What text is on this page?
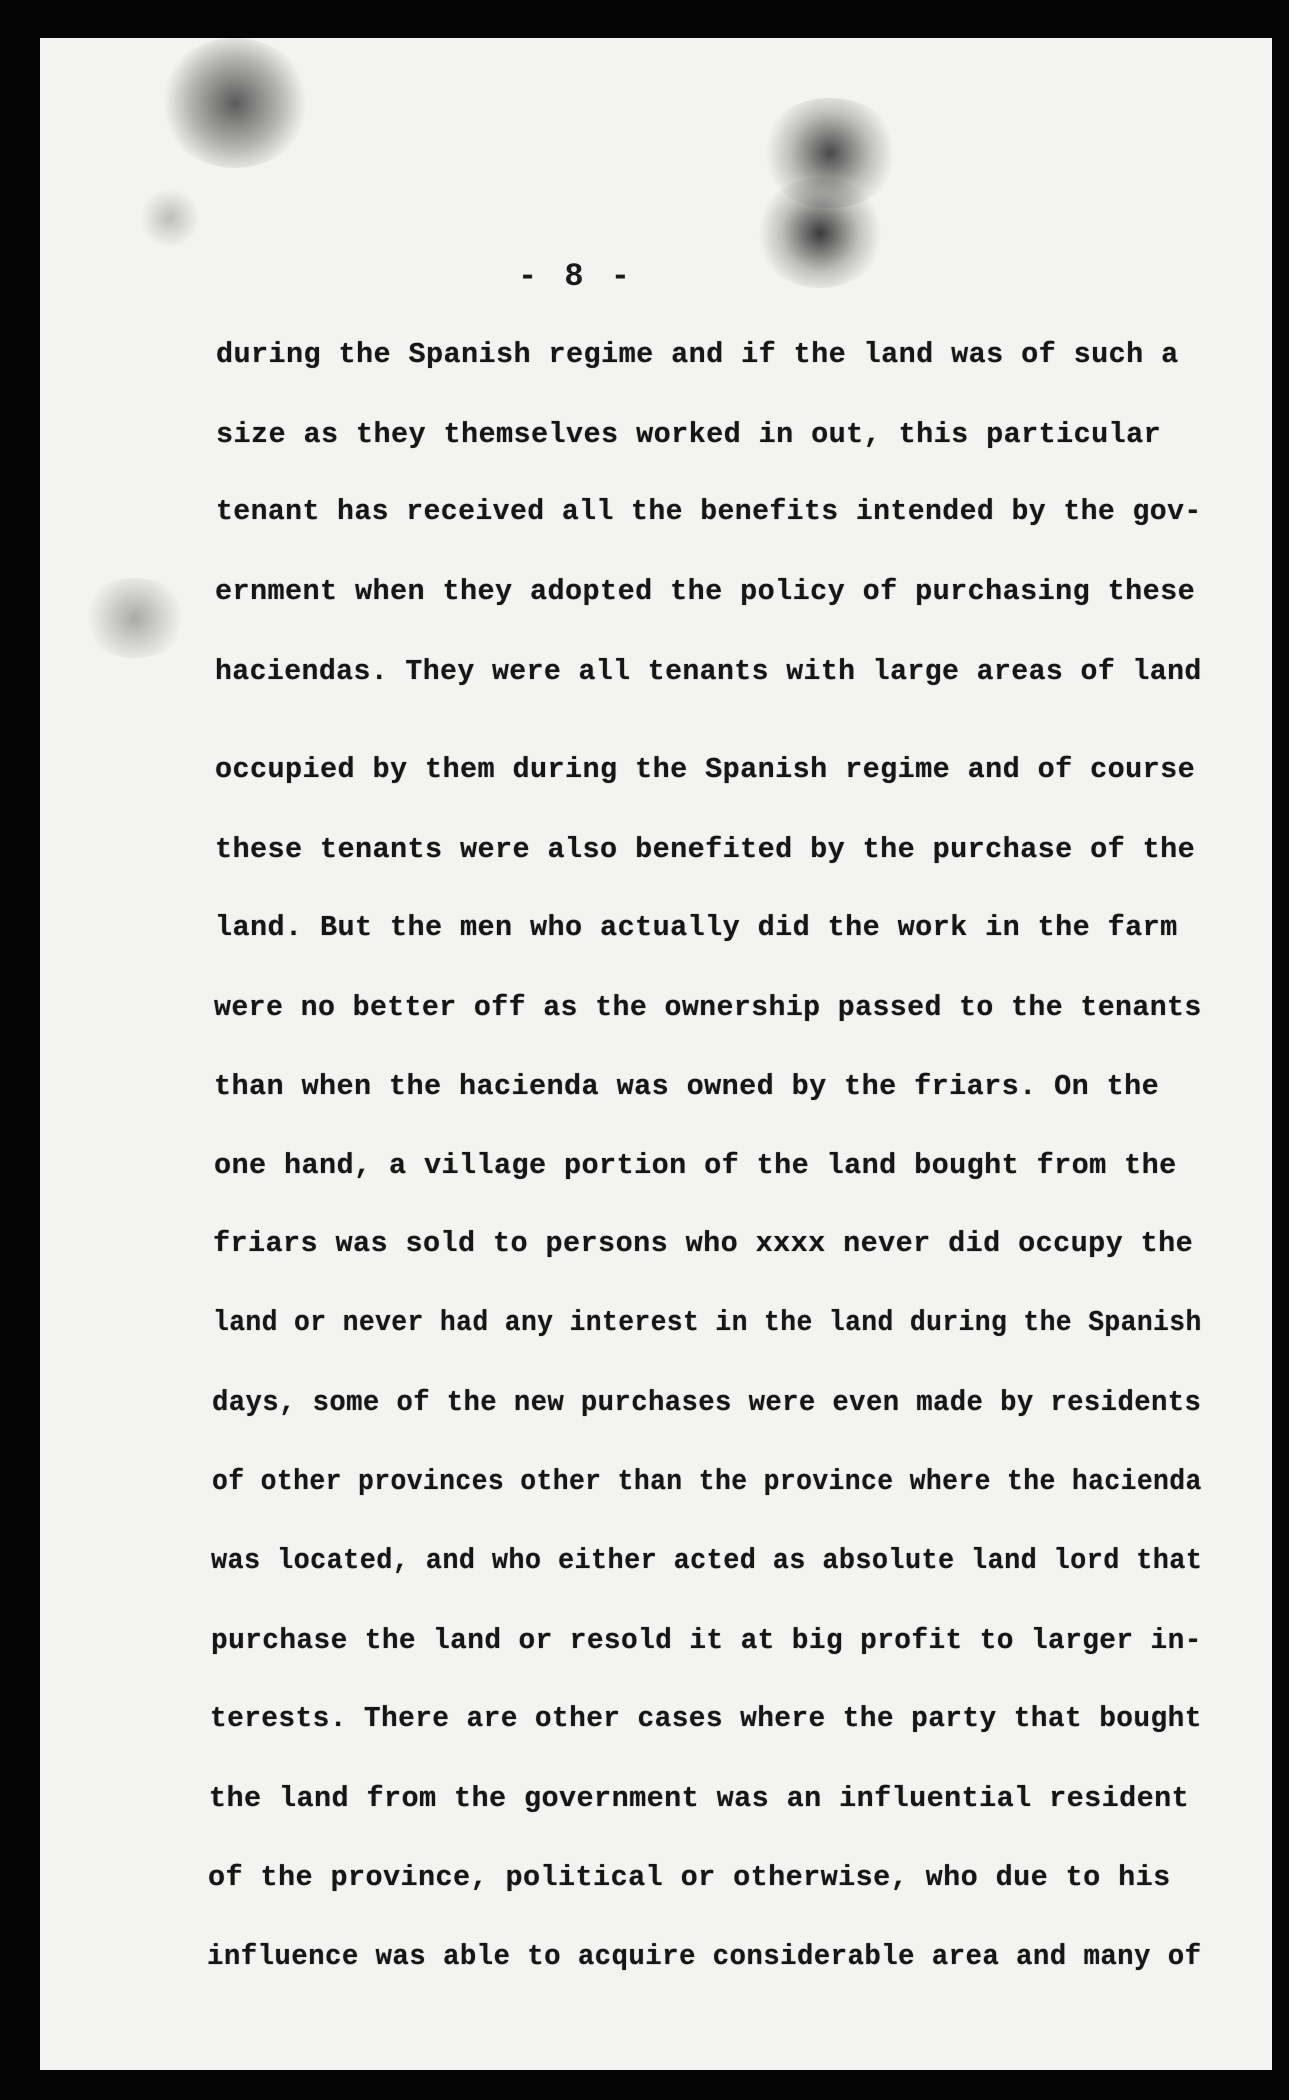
- 8 -
during the Spanish regime and if the land was of such a
size as they themselves worked in out, this particular
tenant has received all the benefits intended by the gov-
ernment when they adopted the policy of purchasing these
haciendas. They were all tenants with large areas of land
occupied by them during the Spanish regime and of course
these tenants were also benefited by the purchase of the
land. But the men who actually did the work in the farm
were no better off as the ownership passed to the tenants
than when the hacienda was owned by the friars. On the
one hand, a village portion of the land bought from the
friars was sold to persons who xxxx never did occupy the
land or never had any interest in the land during the Spanish
days, some of the new purchases were even made by residents
of other provinces other than the province where the hacienda
was located, and who either acted as absolute land lord that
purchase the land or resold it at big profit to larger in-
terests. There are other cases where the party that bought
the land from the government was an influential resident
of the province, political or otherwise, who due to his
influence was able to acquire considerable area and many of
